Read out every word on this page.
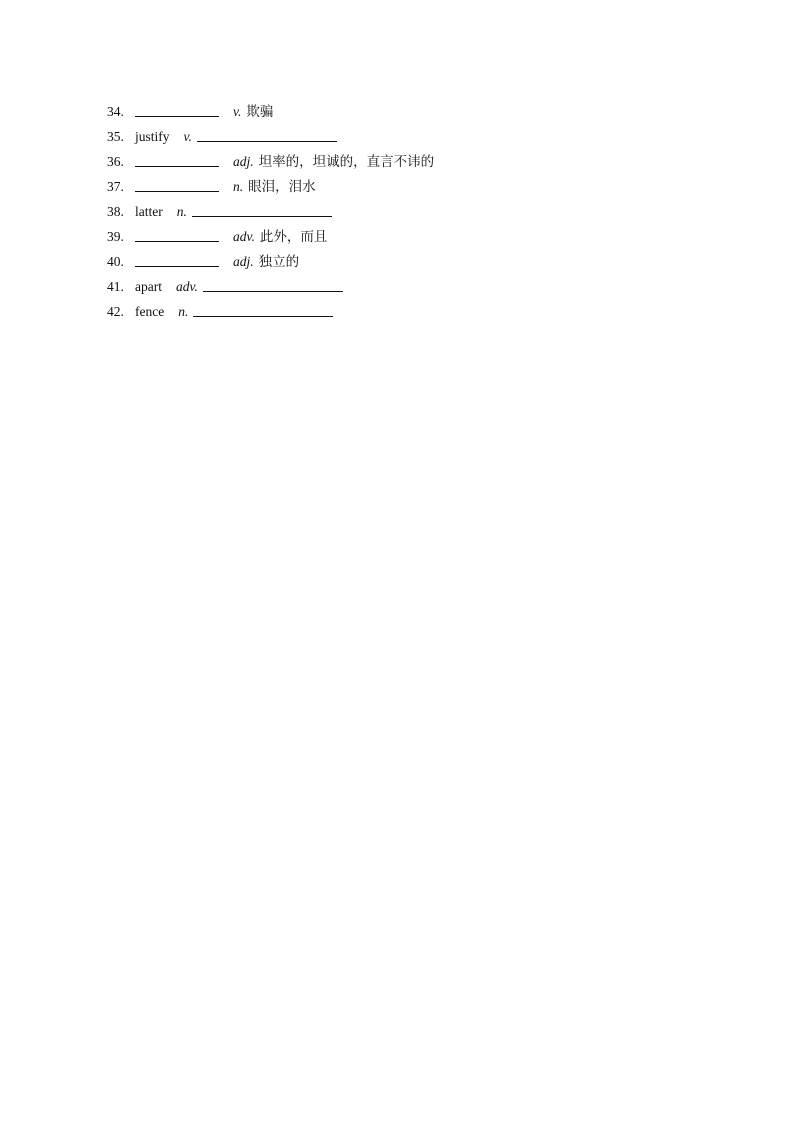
34.	v. 欺骗
35. justify v.
36.	adj. 坦率的，坦诚的，直言不讳的
37.	n. 眼泪，泪水
38. latter n.
39.	adv. 此外，而且
40.	adj. 独立的
41. apart adv.
42. fence n.
